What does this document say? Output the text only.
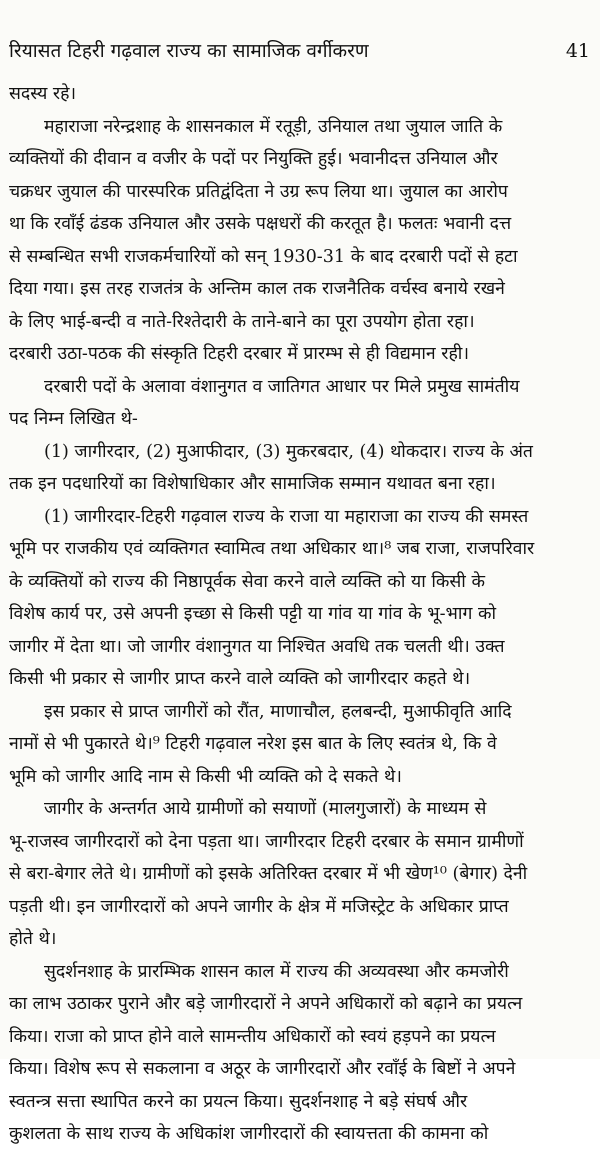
रियासत टिहरी गढ़वाल राज्य का सामाजिक वर्गीकरण	41
सदस्य रहे।
महाराजा नरेन्द्रशाह के शासनकाल में रतूड़ी, उनियाल तथा जुयाल जाति के
व्यक्तियों की दीवान व वजीर के पदों पर नियुक्ति हुई। भवानीदत्त उनियाल और
चक्रधर जुयाल की पारस्परिक प्रतिद्वंदिता ने उग्र रूप लिया था। जुयाल का आरोप
था कि रवाँई ढंडक उनियाल और उसके पक्षधरों की करतूत है। फलतः भवानी दत्त
से सम्बन्धित सभी राजकर्मचारियों को सन् 1930-31 के बाद दरबारी पदों से हटा
दिया गया। इस तरह राजतंत्र के अन्तिम काल तक राजनैतिक वर्चस्व बनाये रखने
के लिए भाई-बन्दी व नाते-रिश्तेदारी के ताने-बाने का पूरा उपयोग होता रहा।
दरबारी उठा-पठक की संस्कृति टिहरी दरबार में प्रारम्भ से ही विद्यमान रही।
दरबारी पदों के अलावा वंशानुगत व जातिगत आधार पर मिले प्रमुख सामंतीय
पद निम्न लिखित थे-
(1) जागीरदार, (2) मुआफीदार, (3) मुकरबदार, (4) थोकदार। राज्य के अंत
तक इन पदधारियों का विशेषाधिकार और सामाजिक सम्मान यथावत बना रहा।
(1) जागीरदार-टिहरी गढ़वाल राज्य के राजा या महाराजा का राज्य की समस्त
भूमि पर राजकीय एवं व्यक्तिगत स्वामित्व तथा अधिकार था।⁸ जब राजा, राजपरिवार
के व्यक्तियों को राज्य की निष्ठापूर्वक सेवा करने वाले व्यक्ति को या किसी के
विशेष कार्य पर, उसे अपनी इच्छा से किसी पट्टी या गांव या गांव के भू-भाग को
जागीर में देता था। जो जागीर वंशानुगत या निश्चित अवधि तक चलती थी। उक्त
किसी भी प्रकार से जागीर प्राप्त करने वाले व्यक्ति को जागीरदार कहते थे।
इस प्रकार से प्राप्त जागीरों को रौंत, माणाचौल, हलबन्दी, मुआफीवृति आदि
नामों से भी पुकारते थे।⁹ टिहरी गढ़वाल नरेश इस बात के लिए स्वतंत्र थे, कि वे
भूमि को जागीर आदि नाम से किसी भी व्यक्ति को दे सकते थे।
जागीर के अन्तर्गत आये ग्रामीणों को सयाणों (मालगुजारों) के माध्यम से
भू-राजस्व जागीरदारों को देना पड़ता था। जागीरदार टिहरी दरबार के समान ग्रामीणों
से बरा-बेगार लेते थे। ग्रामीणों को इसके अतिरिक्त दरबार में भी खेण¹⁰ (बेगार) देनी
पड़ती थी। इन जागीरदारों को अपने जागीर के क्षेत्र में मजिस्ट्रेट के अधिकार प्राप्त
होते थे।
सुदर्शनशाह के प्रारम्भिक शासन काल में राज्य की अव्यवस्था और कमजोरी
का लाभ उठाकर पुराने और बड़े जागीरदारों ने अपने अधिकारों को बढ़ाने का प्रयत्न
किया। राजा को प्राप्त होने वाले सामन्तीय अधिकारों को स्वयं हड़पने का प्रयत्न
किया। विशेष रूप से सकलाना व अठूर के जागीरदारों और रवाँई के बिष्टों ने अपने
स्वतन्त्र सत्ता स्थापित करने का प्रयत्न किया। सुदर्शनशाह ने बड़े संघर्ष और
कुशलता के साथ राज्य के अधिकांश जागीरदारों की स्वायत्तता की कामना को
